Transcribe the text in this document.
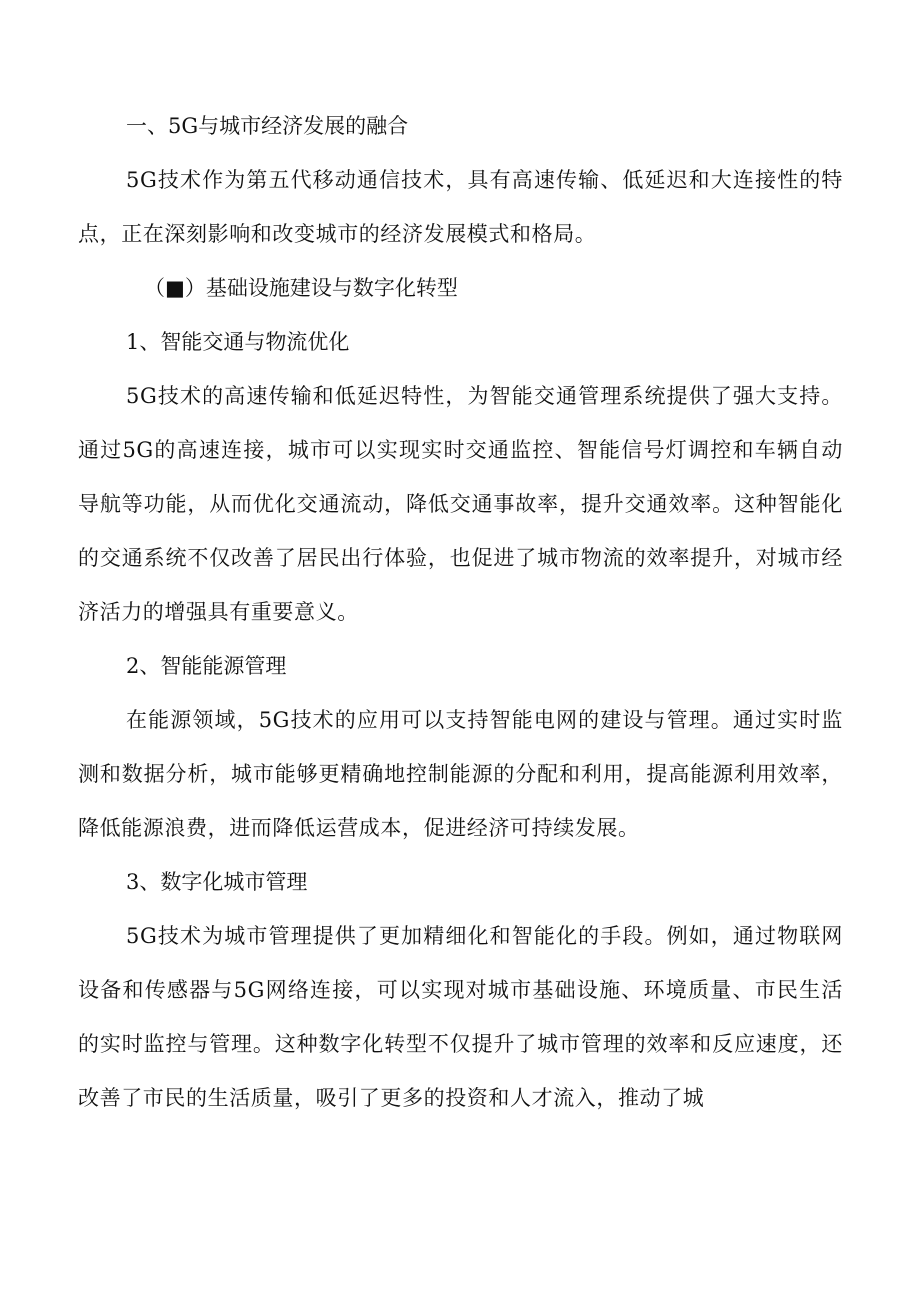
一、5G与城市经济发展的融合

5G技术作为第五代移动通信技术，具有高速传输、低延迟和大连接性的特点，正在深刻影响和改变城市的经济发展模式和格局。

（■）基础设施建设与数字化转型

1、智能交通与物流优化

5G技术的高速传输和低延迟特性，为智能交通管理系统提供了强大支持。通过5G的高速连接，城市可以实现实时交通监控、智能信号灯调控和车辆自动导航等功能，从而优化交通流动，降低交通事故率，提升交通效率。这种智能化的交通系统不仅改善了居民出行体验，也促进了城市物流的效率提升，对城市经济活力的增强具有重要意义。

2、智能能源管理

在能源领域，5G技术的应用可以支持智能电网的建设与管理。通过实时监测和数据分析，城市能够更精确地控制能源的分配和利用，提高能源利用效率，降低能源浪费，进而降低运营成本，促进经济可持续发展。

3、数字化城市管理

5G技术为城市管理提供了更加精细化和智能化的手段。例如，通过物联网设备和传感器与5G网络连接，可以实现对城市基础设施、环境质量、市民生活的实时监控与管理。这种数字化转型不仅提升了城市管理的效率和反应速度，还改善了市民的生活质量，吸引了更多的投资和人才流入，推动了城
